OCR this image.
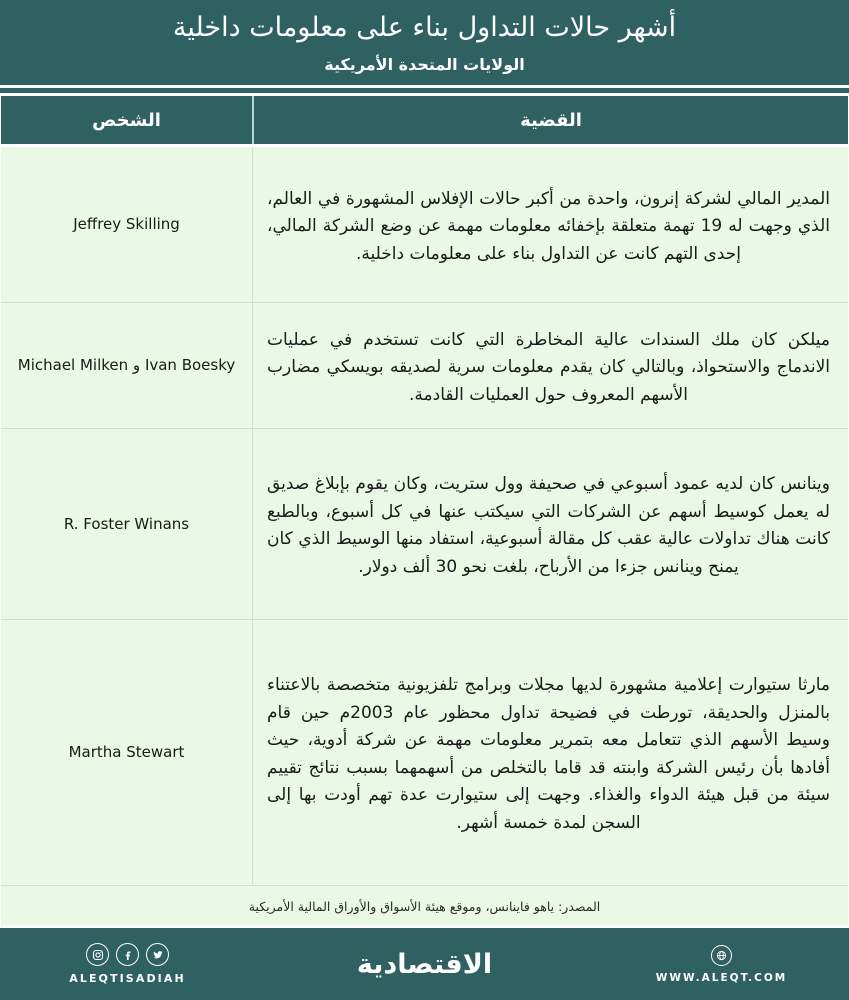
أشهر حالات التداول بناء على معلومات داخلية
الولايات المتحدة الأمريكية
القضية
الشخص
المدير المالي لشركة إنرون، واحدة من أكبر حالات الإفلاس المشهورة في العالم، الذي وجهت له 19 تهمة متعلقة بإخفائه معلومات مهمة عن وضع الشركة المالي، إحدى التهم كانت عن التداول بناء على معلومات داخلية.
Jeffrey Skilling
ميلكن كان ملك السندات عالية المخاطرة التي كانت تستخدم في عمليات الاندماج والاستحواذ، وبالتالي كان يقدم معلومات سرية لصديقه بويسكي مضارب الأسهم المعروف حول العمليات القادمة.
Michael Milken و Ivan Boesky
وينانس كان لديه عمود أسبوعي في صحيفة وول ستريت، وكان يقوم بإبلاغ صديق له يعمل كوسيط أسهم عن الشركات التي سيكتب عنها في كل أسبوع، وبالطبع كانت هناك تداولات عالية عقب كل مقالة أسبوعية، استفاد منها الوسيط الذي كان يمنح وينانس جزءا من الأرباح، بلغت نحو 30 ألف دولار.
R. Foster Winans
مارثا ستيوارت إعلامية مشهورة لديها مجلات وبرامج تلفزيونية متخصصة بالاعتناء بالمنزل والحديقة، تورطت في فضيحة تداول محظور عام 2003م حين قام وسيط الأسهم الذي تتعامل معه بتمرير معلومات مهمة عن شركة أدوية، حيث أفادها بأن رئيس الشركة وابنته قد قاما بالتخلص من أسهمهما بسبب نتائج تقييم سيئة من قبل هيئة الدواء والغذاء. وجهت إلى ستيوارت عدة تهم أودت بها إلى السجن لمدة خمسة أشهر.
Martha Stewart
المصدر: ياهو فاينانس، وموقع هيئة الأسواق والأوراق المالية الأمريكية
ALEQTISADIAH	الاقتصادية	WWW.ALEQT.COM
